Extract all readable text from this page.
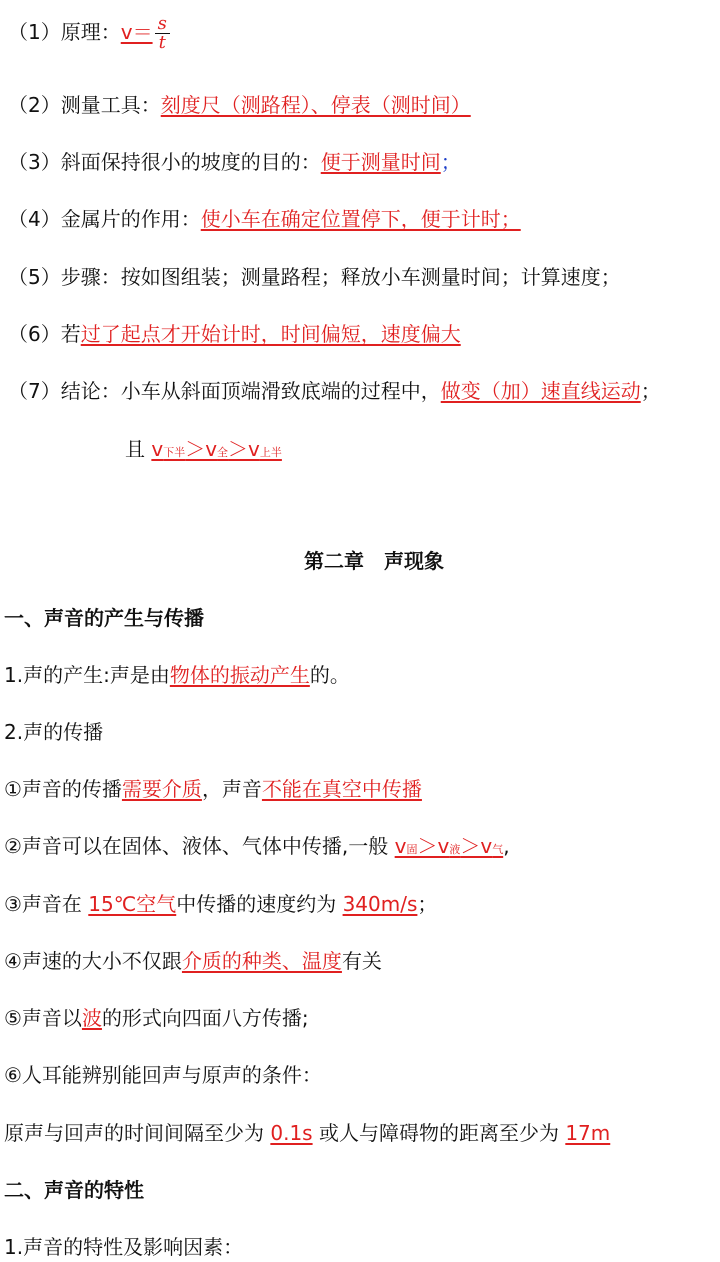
（1）原理：$v= \frac{s}{t}$
（2）测量工具：刻度尺（测路程）、停表（测时间）
（3）斜面保持很小的坡度的目的：便于测量时间；
（4）金属片的作用：使小车在确定位置停下，便于计时；
（5）步骤：按如图组装；测量路程；释放小车测量时间；计算速度；
（6）若过了起点才开始计时，时间偏短，速度偏大
（7）结论：小车从斜面顶端滑致底端的过程中，做变（加）速直线运动；
且 v下半＞v全＞v上半
第二章　声现象
一、声音的产生与传播
1.声的产生:声是由物体的振动产生的。
2.声的传播
①声音的传播需要介质，声音不能在真空中传播
②声音可以在固体、液体、气体中传播,一般 v固＞v液＞v气,
③声音在 15℃空气中传播的速度约为 340m/s；
④声速的大小不仅跟介质的种类、温度有关
⑤声音以波的形式向四面八方传播;
⑥人耳能辨别能回声与原声的条件：
原声与回声的时间间隔至少为 0.1s 或人与障碍物的距离至少为 17m
二、声音的特性
1.声音的特性及影响因素：
